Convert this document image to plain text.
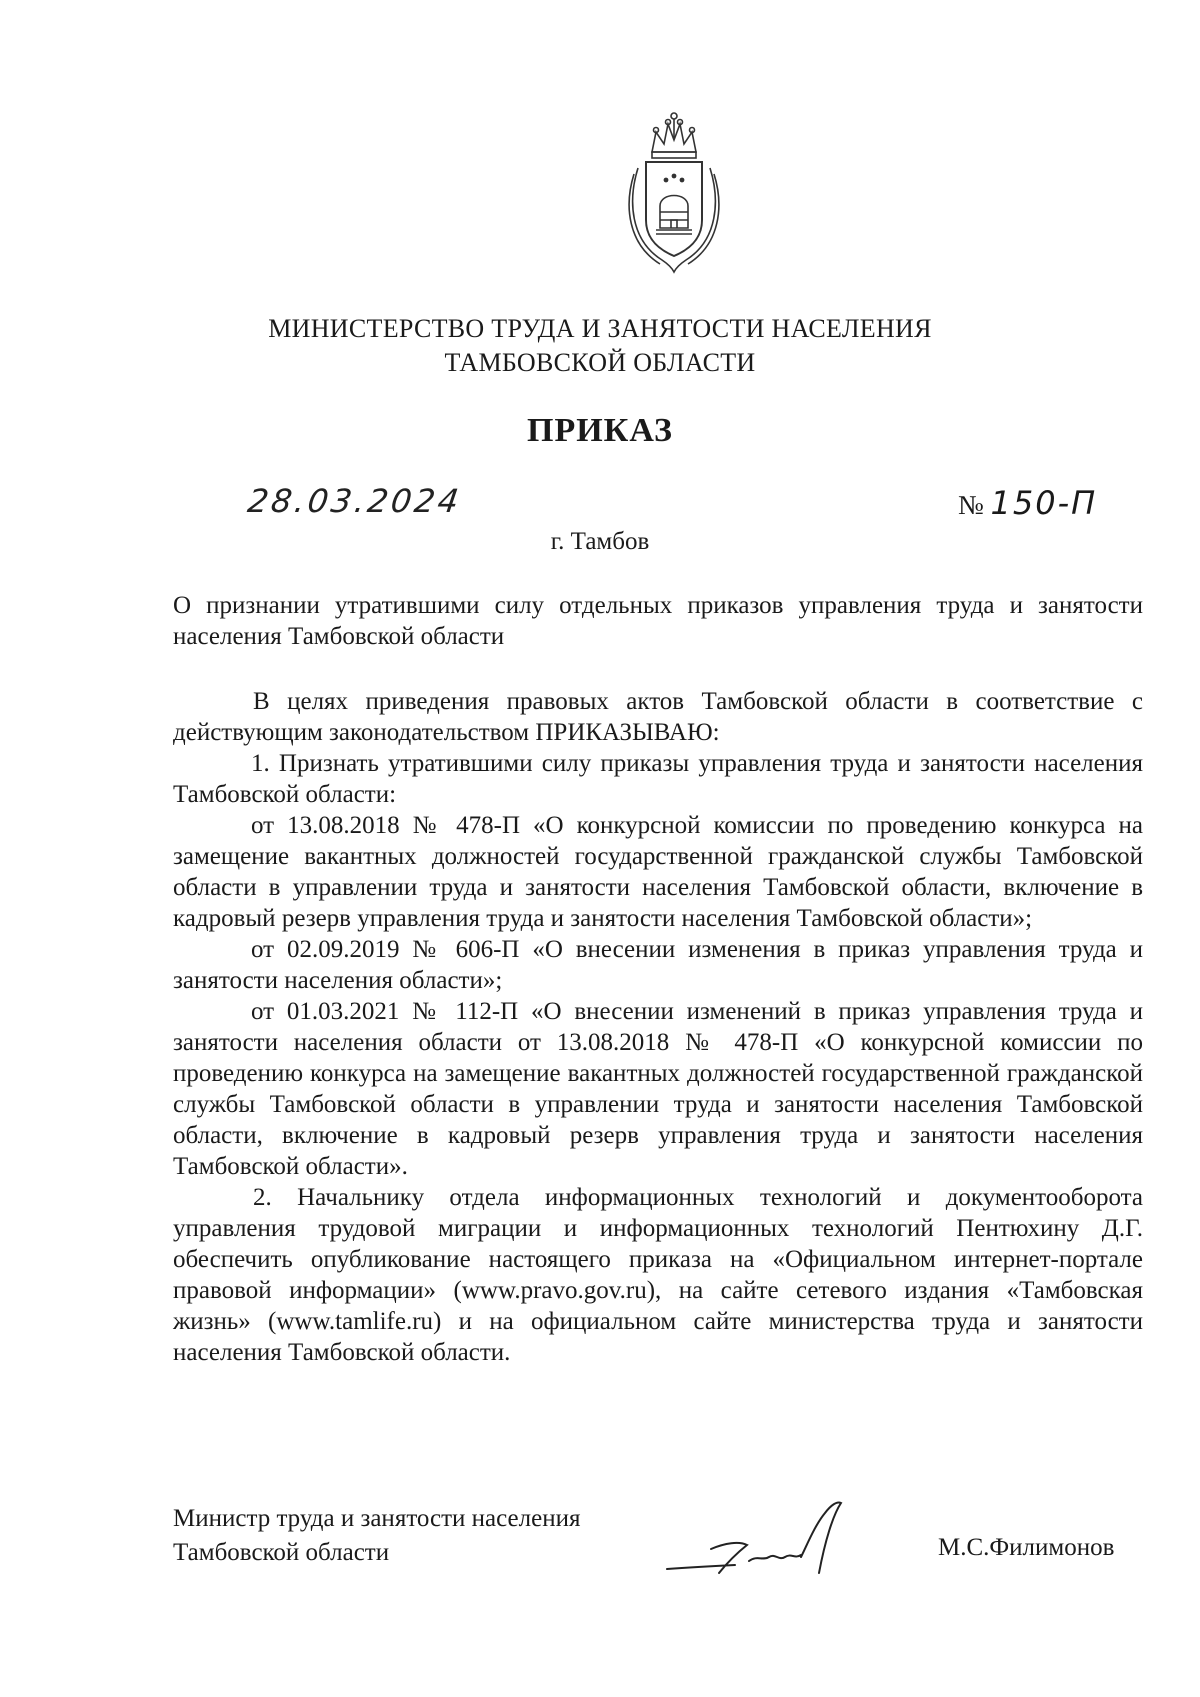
МИНИСТЕРСТВО ТРУДА И ЗАНЯТОСТИ НАСЕЛЕНИЯ
ТАМБОВСКОЙ ОБЛАСТИ
ПРИКАЗ
28.03.2024	№ 150-П
г. Тамбов
О признании утратившими силу отдельных приказов управления труда и занятости населения Тамбовской области

В целях приведения правовых актов Тамбовской области в соответствие с действующим законодательством ПРИКАЗЫВАЮ:

1. Признать утратившими силу приказы управления труда и занятости населения Тамбовской области:

от 13.08.2018 № 478-П «О конкурсной комиссии по проведению конкурса на замещение вакантных должностей государственной гражданской службы Тамбовской области в управлении труда и занятости населения Тамбовской области, включение в кадровый резерв управления труда и занятости населения Тамбовской области»;

от 02.09.2019 № 606-П «О внесении изменения в приказ управления труда и занятости населения области»;

от 01.03.2021 № 112-П «О внесении изменений в приказ управления труда и занятости населения области от 13.08.2018 № 478-П «О конкурсной комиссии по проведению конкурса на замещение вакантных должностей государственной гражданской службы Тамбовской области в управлении труда и занятости населения Тамбовской области, включение в кадровый резерв управления труда и занятости населения Тамбовской области».

2. Начальнику отдела информационных технологий и документооборота управления трудовой миграции и информационных технологий Пентюхину Д.Г. обеспечить опубликование настоящего приказа на «Официальном интернет-портале правовой информации» (www.pravo.gov.ru), на сайте сетевого издания «Тамбовская жизнь» (www.tamlife.ru) и на официальном сайте министерства труда и занятости населения Тамбовской области.

Министр труда и занятости населения
Тамбовской области	М.С.Филимонов
